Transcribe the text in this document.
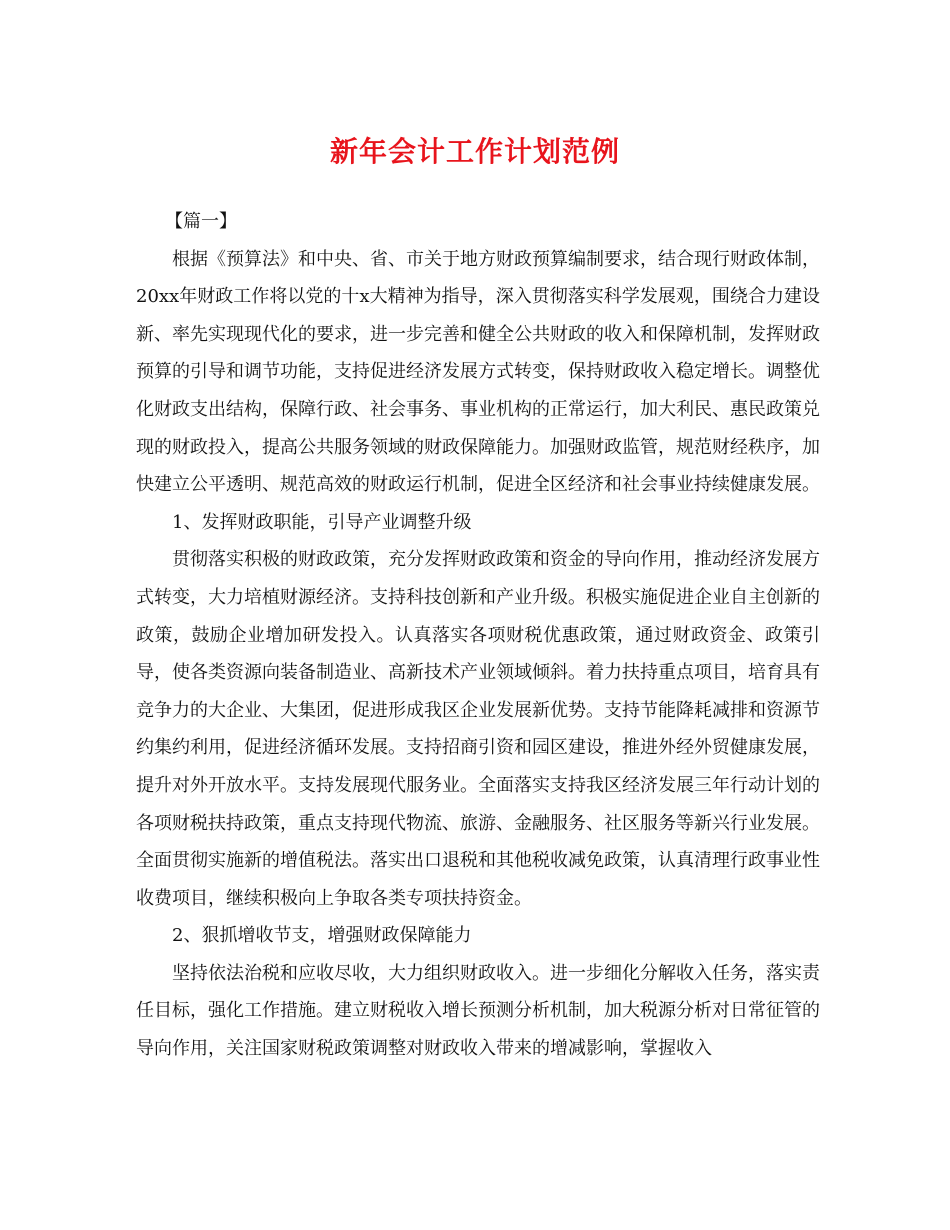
新年会计工作计划范例
【篇一】

根据《预算法》和中央、省、市关于地方财政预算编制要求，结合现行财政体制，20xx年财政工作将以党的十x大精神为指导，深入贯彻落实科学发展观，围绕合力建设新、率先实现现代化的要求，进一步完善和健全公共财政的收入和保障机制，发挥财政预算的引导和调节功能，支持促进经济发展方式转变，保持财政收入稳定增长。调整优化财政支出结构，保障行政、社会事务、事业机构的正常运行，加大利民、惠民政策兑现的财政投入，提高公共服务领域的财政保障能力。加强财政监管，规范财经秩序，加快建立公平透明、规范高效的财政运行机制，促进全区经济和社会事业持续健康发展。

1、发挥财政职能，引导产业调整升级

贯彻落实积极的财政政策，充分发挥财政政策和资金的导向作用，推动经济发展方式转变，大力培植财源经济。支持科技创新和产业升级。积极实施促进企业自主创新的政策，鼓励企业增加研发投入。认真落实各项财税优惠政策，通过财政资金、政策引导，使各类资源向装备制造业、高新技术产业领域倾斜。着力扶持重点项目，培育具有竞争力的大企业、大集团，促进形成我区企业发展新优势。支持节能降耗减排和资源节约集约利用，促进经济循环发展。支持招商引资和园区建设，推进外经外贸健康发展，提升对外开放水平。支持发展现代服务业。全面落实支持我区经济发展三年行动计划的各项财税扶持政策，重点支持现代物流、旅游、金融服务、社区服务等新兴行业发展。全面贯彻实施新的增值税法。落实出口退税和其他税收减免政策，认真清理行政事业性收费项目，继续积极向上争取各类专项扶持资金。

2、狠抓增收节支，增强财政保障能力

坚持依法治税和应收尽收，大力组织财政收入。进一步细化分解收入任务，落实责任目标，强化工作措施。建立财税收入增长预测分析机制，加大税源分析对日常征管的导向作用，关注国家财税政策调整对财政收入带来的增减影响，掌握收入
